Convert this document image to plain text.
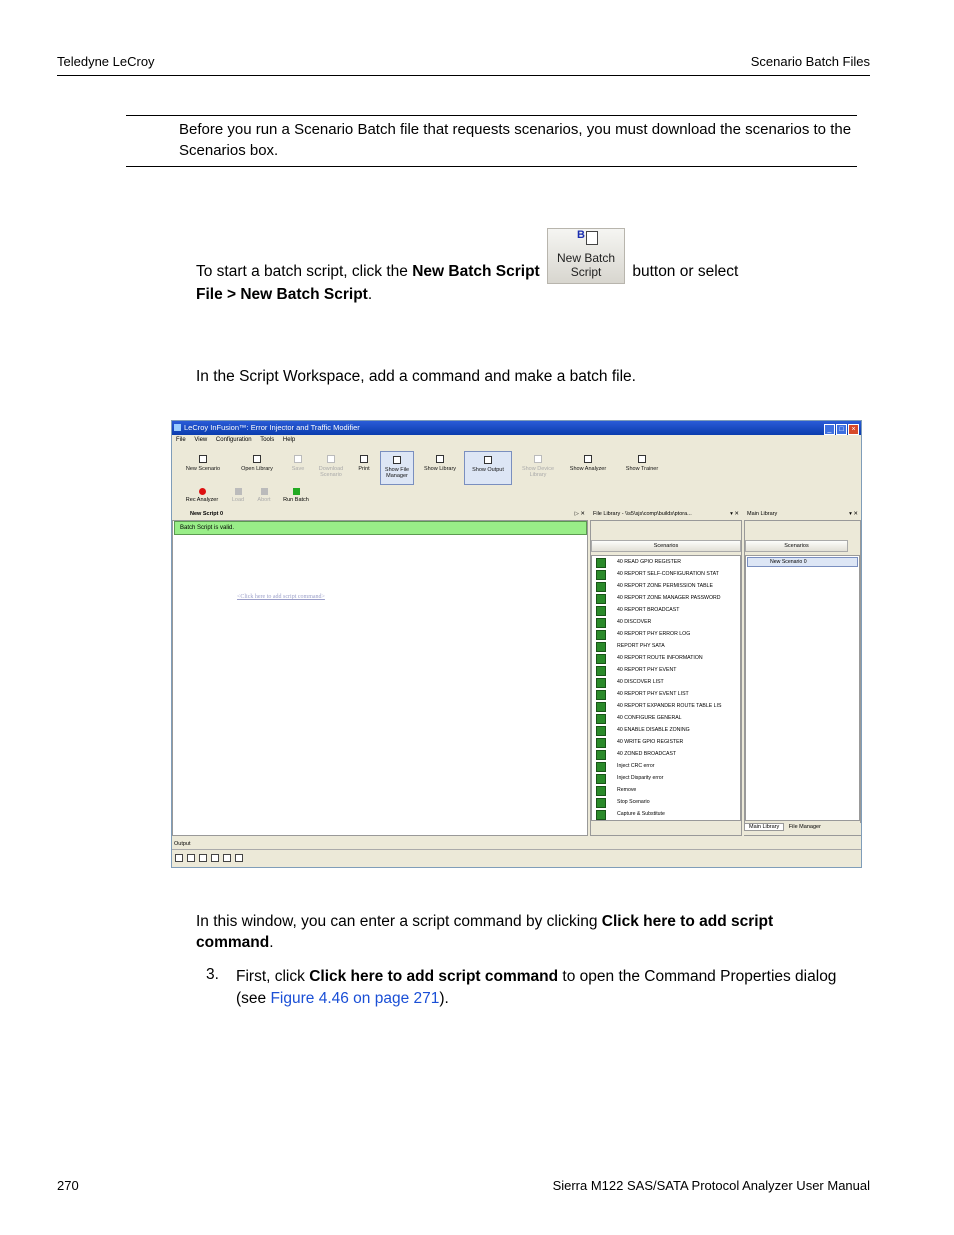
Teledyne LeCroy	Scenario Batch Files
Before you run a Scenario Batch file that requests scenarios, you must download the scenarios to the Scenarios box.
To start a batch script, click the New Batch Script
B
New Batch Script	button or select
File > New Batch Script.
In the Script Workspace, add a command and make a batch file.
LeCroy InFusion™: Error Injector and Traffic Modifier	_ □ ×
File View Configuration Tools Help
New Scenario	Open Library	Save	Download Scenario
Print	Show File Manager
Show Library	Show Output	Show Device Library
Show Analyzer	Show Trainer
Rec Analyzer	Load	Abort	Run Batch
New Script 0	▷ ✕
Batch Script is valid.
<Click here to add script command>
File Library - \\s5\sjs\comp\builds\ptora...	▾ ✕
Scenarios
40 READ GPIO REGISTER
40 REPORT SELF-CONFIGURATION STAT
40 REPORT ZONE PERMISSION TABLE
40 REPORT ZONE MANAGER PASSWORD
40 REPORT BROADCAST
40 DISCOVER
40 REPORT PHY ERROR LOG
REPORT PHY SATA
40 REPORT ROUTE INFORMATION
40 REPORT PHY EVENT
40 DISCOVER LIST
40 REPORT PHY EVENT LIST
40 REPORT EXPANDER ROUTE TABLE LIS
40 CONFIGURE GENERAL
40 ENABLE DISABLE ZONING
40 WRITE GPIO REGISTER
40 ZONED BROADCAST
Inject CRC error
Inject Disparity error
Remove
Stop Scenario
Capture & Substitute
Main Library	▾ ✕
Scenarios
New Scenario 0
Main Library File Manager
Output
In this window, you can enter a script command by clicking Click here to add script command.
3. First, click Click here to add script command to open the Command Properties dialog (see Figure 4.46 on page 271).
270	Sierra M122 SAS/SATA Protocol Analyzer User Manual
